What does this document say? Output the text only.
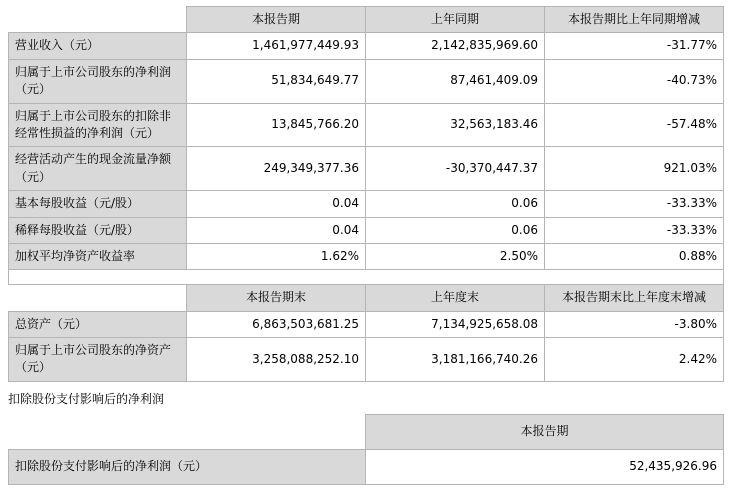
	本报告期	上年同期	本报告期比上年同期增减
营业收入（元）	1,461,977,449.93	2,142,835,969.60	-31.77%
归属于上市公司股东的净利润（元）	51,834,649.77	87,461,409.09	-40.73%
归属于上市公司股东的扣除非经常性损益的净利润（元）	13,845,766.20	32,563,183.46	-57.48%
经营活动产生的现金流量净额（元）	249,349,377.36	-30,370,447.37	921.03%
基本每股收益（元/股）	0.04	0.06	-33.33%
稀释每股收益（元/股）	0.04	0.06	-33.33%
加权平均净资产收益率	1.62%	2.50%	0.88%

	本报告期末	上年度末	本报告期末比上年度末增减
总资产（元）	6,863,503,681.25	7,134,925,658.08	-3.80%
归属于上市公司股东的净资产（元）	3,258,088,252.10	3,181,166,740.26	2.42%
扣除股份支付影响后的净利润
	本报告期
扣除股份支付影响后的净利润（元）	52,435,926.96
